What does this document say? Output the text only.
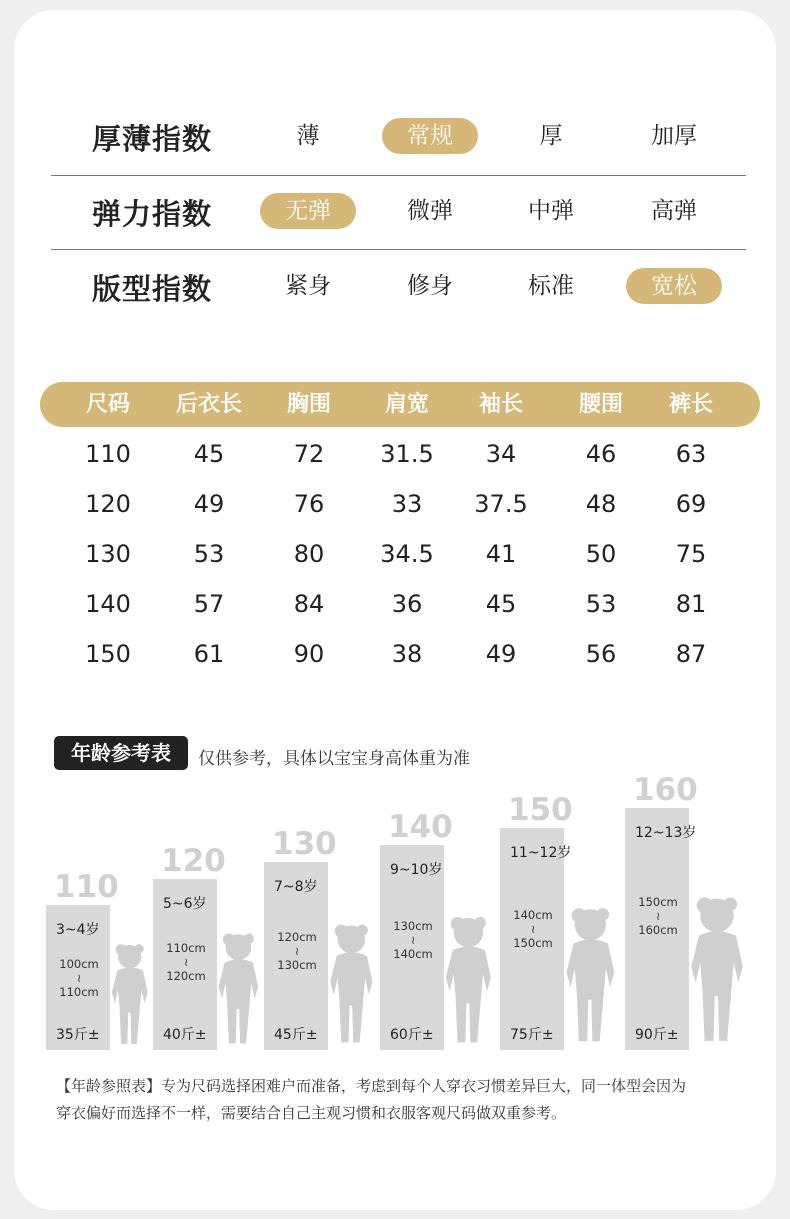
厚薄指数	薄	常规	厚	加厚
弹力指数	无弹	微弹	中弹	高弹
版型指数	紧身	修身	标准	宽松
尺码 后衣长 胸围 肩宽 袖长	腰围 裤长
110	45	72 31.5 34	46 63
120	49	76	33 37.5 48 69
130	53	80 34.5 41	50 75
140	57	84	36	45	53 81
150	61	90	38	49	56 87
年龄参考表	仅供参考，具体以宝宝身高体重为准
110
3~4岁
100cm
≀
110cm
35斤±
120
5~6岁
110cm
≀
120cm
40斤±
130
7~8岁
120cm
≀
130cm
45斤±
140
9~10岁
130cm
≀
140cm
60斤±
150
11~12岁
140cm
≀
150cm
75斤±
160
12~13岁
150cm
≀
160cm
90斤±
【年龄参照表】专为尺码选择困难户而准备，考虑到每个人穿衣习惯差异巨大，同一体型会因为
穿衣偏好而选择不一样，需要结合自己主观习惯和衣服客观尺码做双重参考。
